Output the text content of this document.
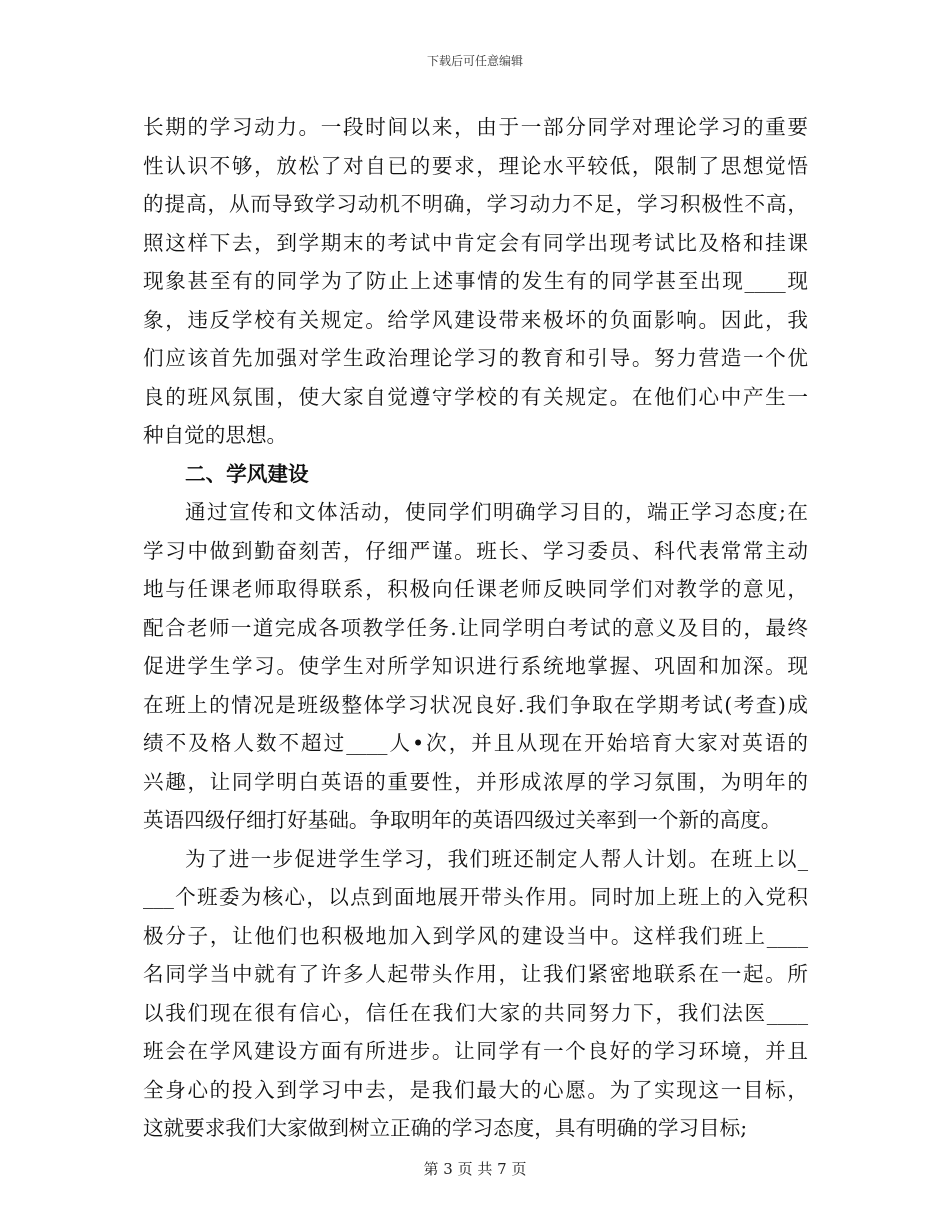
下载后可任意编辑
长期的学习动力。一段时间以来，由于一部分同学对理论学习的重要
性认识不够，放松了对自已的要求，理论水平较低，限制了思想觉悟
的提高，从而导致学习动机不明确，学习动力不足，学习积极性不高，
照这样下去，到学期末的考试中肯定会有同学出现考试比及格和挂课
现象甚至有的同学为了防止上述事情的发生有的同学甚至出现____现
象，违反学校有关规定。给学风建设带来极坏的负面影响。因此，我
们应该首先加强对学生政治理论学习的教育和引导。努力营造一个优
良的班风氛围，使大家自觉遵守学校的有关规定。在他们心中产生一
种自觉的思想。
二、学风建设
通过宣传和文体活动，使同学们明确学习目的，端正学习态度;在
学习中做到勤奋刻苦，仔细严谨。班长、学习委员、科代表常常主动
地与任课老师取得联系，积极向任课老师反映同学们对教学的意见，
配合老师一道完成各项教学任务.让同学明白考试的意义及目的，最终
促进学生学习。使学生对所学知识进行系统地掌握、巩固和加深。现
在班上的情况是班级整体学习状况良好.我们争取在学期考试(考查)成
绩不及格人数不超过____人•次，并且从现在开始培育大家对英语的
兴趣，让同学明白英语的重要性，并形成浓厚的学习氛围，为明年的
英语四级仔细打好基础。争取明年的英语四级过关率到一个新的高度。
为了进一步促进学生学习，我们班还制定人帮人计划。在班上以_
___个班委为核心，以点到面地展开带头作用。同时加上班上的入党积
极分子，让他们也积极地加入到学风的建设当中。这样我们班上____
名同学当中就有了许多人起带头作用，让我们紧密地联系在一起。所
以我们现在很有信心，信任在我们大家的共同努力下，我们法医____
班会在学风建设方面有所进步。让同学有一个良好的学习环境，并且
全身心的投入到学习中去，是我们最大的心愿。为了实现这一目标，
这就要求我们大家做到树立正确的学习态度，具有明确的学习目标;
第 3 页 共 7 页
